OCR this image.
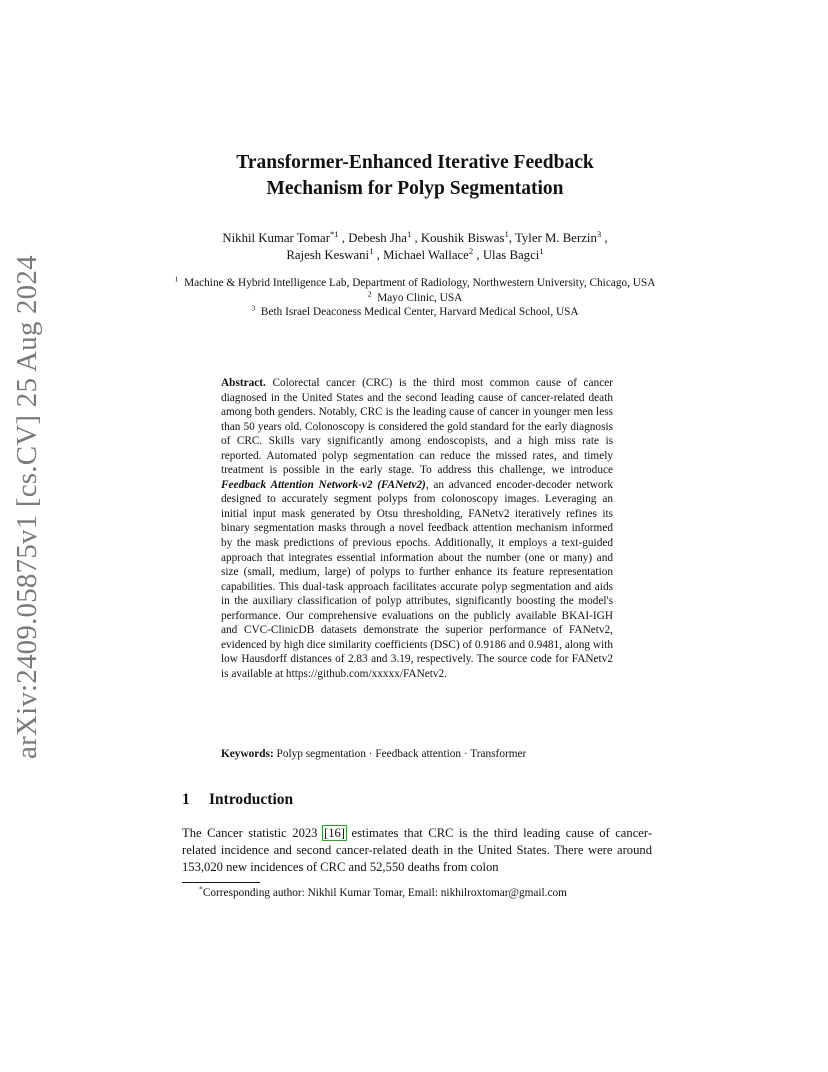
arXiv:2409.05875v1 [cs.CV] 25 Aug 2024
Transformer-Enhanced Iterative Feedback
Mechanism for Polyp Segmentation
Nikhil Kumar Tomar$^{*1}$ , Debesh Jha$^1$ , Koushik Biswas$^1$, Tyler M. Berzin$^3$ ,
Rajesh Keswani$^1$ , Michael Wallace$^2$ , Ulas Bagci$^1$
$^1$ Machine & Hybrid Intelligence Lab, Department of Radiology, Northwestern University, Chicago, USA
$^2$ Mayo Clinic, USA
$^3$ Beth Israel Deaconess Medical Center, Harvard Medical School, USA
Abstract. Colorectal cancer (CRC) is the third most common cause of cancer diagnosed in the United States and the second leading cause of cancer-related death among both genders. Notably, CRC is the leading cause of cancer in younger men less than 50 years old. Colonoscopy is considered the gold standard for the early diagnosis of CRC. Skills vary significantly among endoscopists, and a high miss rate is reported. Automated polyp segmentation can reduce the missed rates, and timely treatment is possible in the early stage. To address this challenge, we introduce Feedback Attention Network-v2 (FANetv2), an advanced encoder-decoder network designed to accurately segment polyps from colonoscopy images. Leveraging an initial input mask generated by Otsu thresholding, FANetv2 iteratively refines its binary segmentation masks through a novel feedback attention mechanism informed by the mask predictions of previous epochs. Additionally, it employs a text-guided approach that integrates essential information about the number (one or many) and size (small, medium, large) of polyps to further enhance its feature representation capabilities. This dual-task approach facilitates accurate polyp segmentation and aids in the auxiliary classification of polyp attributes, significantly boosting the model's performance. Our comprehensive evaluations on the publicly available BKAI-IGH and CVC-ClinicDB datasets demonstrate the superior performance of FANetv2, evidenced by high dice similarity coefficients (DSC) of 0.9186 and 0.9481, along with low Hausdorff distances of 2.83 and 3.19, respectively. The source code for FANetv2 is available at https://github.com/xxxxx/FANetv2.
Keywords: Polyp segmentation · Feedback attention · Transformer
1 Introduction
The Cancer statistic 2023 [16] estimates that CRC is the third leading cause of cancer-related incidence and second cancer-related death in the United States. There were around 153,020 new incidences of CRC and 52,550 deaths from colon
*Corresponding author: Nikhil Kumar Tomar, Email: nikhilroxtomar@gmail.com
